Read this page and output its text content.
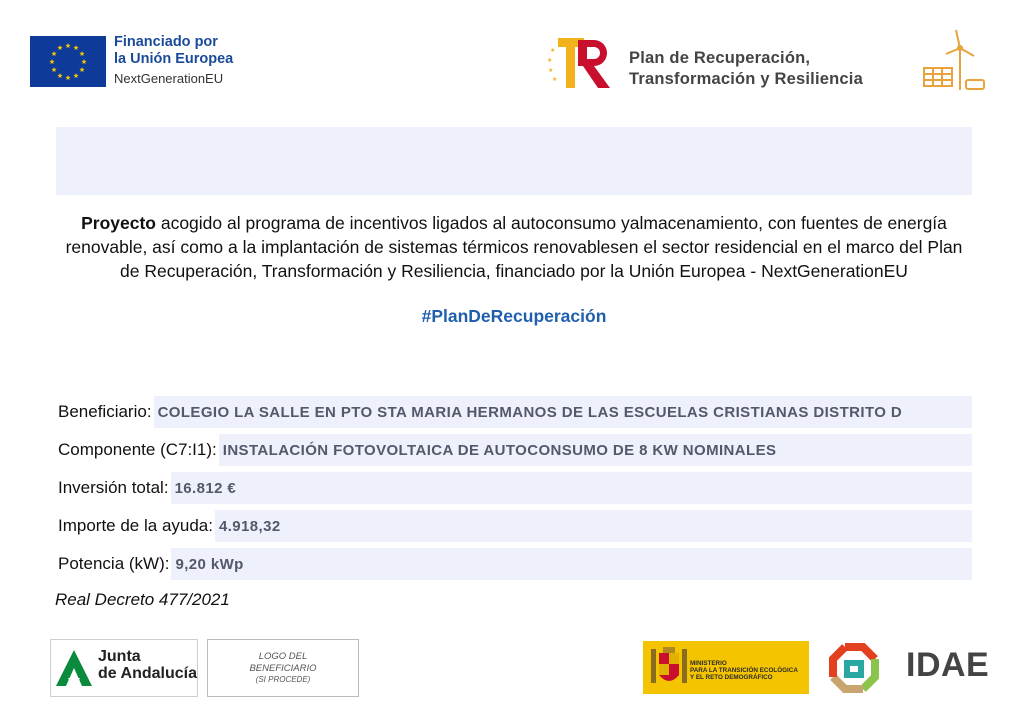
★ ★
★
★
★
★
★
★
★
★
★
★	Financiado por
la Unión Europea
NextGenerationEU
★
★
★
★
Plan de Recuperación,
Transformación y Resiliencia
Proyecto acogido al programa de incentivos ligados al autoconsumo yalmacenamiento, con fuentes de energía renovable, así como a la implantación de sistemas térmicos renovablesen el sector residencial en el marco del Plan de Recuperación, Transformación y Resiliencia, financiado por la Unión Europea - NextGenerationEU
#PlanDeRecuperación
Beneficiario: COLEGIO LA SALLE EN PTO STA MARIA HERMANOS DE LAS ESCUELAS CRISTIANAS DISTRITO D
Componente (C7:I1): INSTALACIÓN FOTOVOLTAICA DE AUTOCONSUMO DE 8 KW NOMINALES
Inversión total: 16.812 €
Importe de la ayuda: 4.918,32
Potencia (kW): 9,20 kWp
Real Decreto 477/2021
Junta
de Andalucía
LOGO DEL
BENEFICIARIO
(SI PROCEDE)
MINISTERIO
PARA LA TRANSICIÓN ECOLÓGICA
Y EL RETO DEMOGRÁFICO	IDAE
